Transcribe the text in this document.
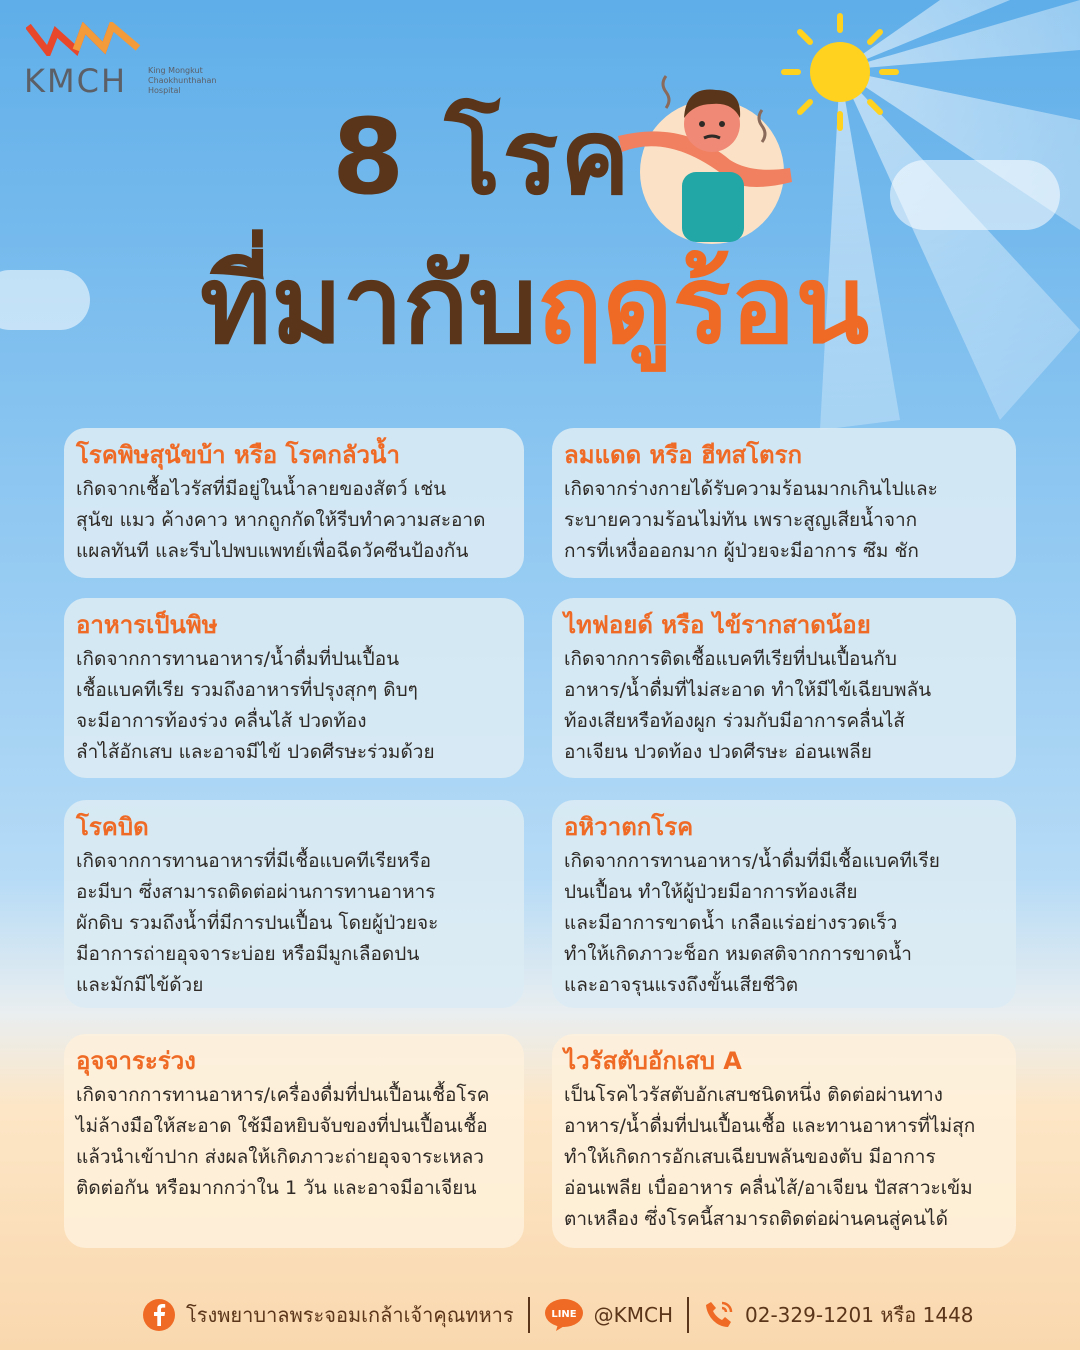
KMCH	King Mongkut
Chaokhunthahan
Hospital
8 โรค
ที่มากับฤดูร้อน
โรคพิษสุนัขบ้า หรือ โรคกลัวน้ำ

เกิดจากเชื้อไวรัสที่มีอยู่ในน้ำลายของสัตว์ เช่น
สุนัข แมว ค้างคาว หากถูกกัดให้รีบทำความสะอาด
แผลทันที และรีบไปพบแพทย์เพื่อฉีดวัคซีนป้องกัน

ลมแดด หรือ ฮีทสโตรก

เกิดจากร่างกายได้รับความร้อนมากเกินไปและ
ระบายความร้อนไม่ทัน เพราะสูญเสียน้ำจาก
การที่เหงื่อออกมาก ผู้ป่วยจะมีอาการ ซึม ชัก

อาหารเป็นพิษ

เกิดจากการทานอาหาร/น้ำดื่มที่ปนเปื้อน
เชื้อแบคทีเรีย รวมถึงอาหารที่ปรุงสุกๆ ดิบๆ
จะมีอาการท้องร่วง คลื่นไส้ ปวดท้อง
ลำไส้อักเสบ และอาจมีไข้ ปวดศีรษะร่วมด้วย

ไทฟอยด์ หรือ ไข้รากสาดน้อย

เกิดจากการติดเชื้อแบคทีเรียที่ปนเปื้อนกับ
อาหาร/น้ำดื่มที่ไม่สะอาด ทำให้มีไข้เฉียบพลัน
ท้องเสียหรือท้องผูก ร่วมกับมีอาการคลื่นไส้
อาเจียน ปวดท้อง ปวดศีรษะ อ่อนเพลีย

โรคบิด

เกิดจากการทานอาหารที่มีเชื้อแบคทีเรียหรือ
อะมีบา ซึ่งสามารถติดต่อผ่านการทานอาหาร
ผักดิบ รวมถึงน้ำที่มีการปนเปื้อน โดยผู้ป่วยจะ
มีอาการถ่ายอุจจาระบ่อย หรือมีมูกเลือดปน
และมักมีไข้ด้วย

อหิวาตกโรค

เกิดจากการทานอาหาร/น้ำดื่มที่มีเชื้อแบคทีเรีย
ปนเปื้อน ทำให้ผู้ป่วยมีอาการท้องเสีย
และมีอาการขาดน้ำ เกลือแร่อย่างรวดเร็ว
ทำให้เกิดภาวะช็อก หมดสติจากการขาดน้ำ
และอาจรุนแรงถึงขั้นเสียชีวิต

อุจจาระร่วง

เกิดจากการทานอาหาร/เครื่องดื่มที่ปนเปื้อนเชื้อโรค
ไม่ล้างมือให้สะอาด ใช้มือหยิบจับของที่ปนเปื้อนเชื้อ
แล้วนำเข้าปาก ส่งผลให้เกิดภาวะถ่ายอุจจาระเหลว
ติดต่อกัน หรือมากกว่าใน 1 วัน และอาจมีอาเจียน

ไวรัสตับอักเสบ A

เป็นโรคไวรัสตับอักเสบชนิดหนึ่ง ติดต่อผ่านทาง
อาหาร/น้ำดื่มที่ปนเปื้อนเชื้อ และทานอาหารที่ไม่สุก
ทำให้เกิดการอักเสบเฉียบพลันของตับ มีอาการ
อ่อนเพลีย เบื่ออาหาร คลื่นไส้/อาเจียน ปัสสาวะเข้ม
ตาเหลือง ซึ่งโรคนี้สามารถติดต่อผ่านคนสู่คนได้

โรงพยาบาลพระจอมเกล้าเจ้าคุณทหาร	LINE @KMCH	02-329-1201 หรือ 1448
